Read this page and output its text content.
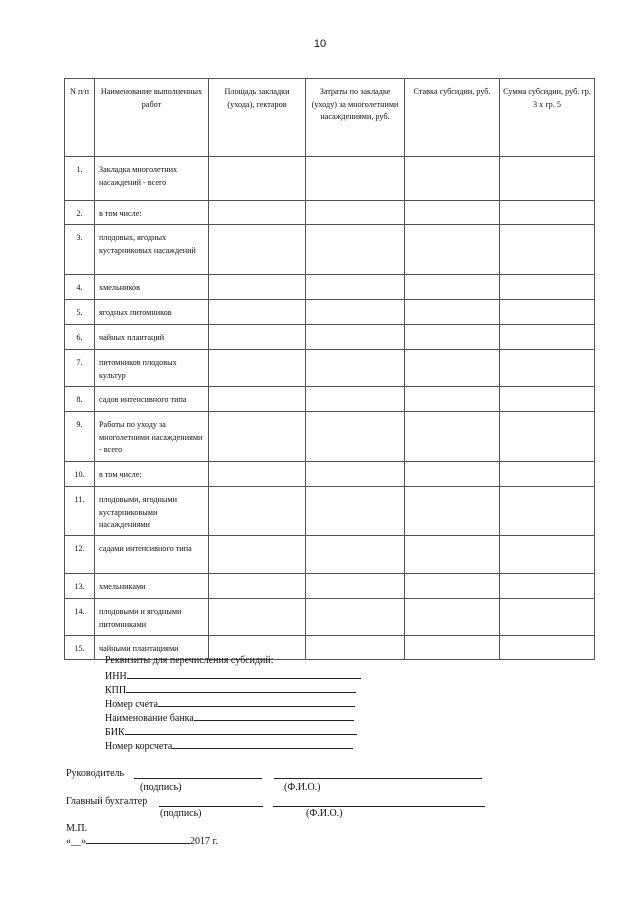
10
N п/п	Наименование выполненных работ	Площадь закладки (ухода), гектаров	Затраты по закладке (уходу) за многолетними насаждениями, руб.	Ставка субсидии, руб.	Сумма субсидии, руб. гр. 3 х гр. 5
1.	Закладка многолетних насаждений - всего				
2.	в том числе:				
3.	плодовых, ягодных кустарниковых насаждений				
4.	хмельников				
5.	ягодных питомников				
6.	чайных плантаций				
7.	питомников плодовых культур				
8.	садов интенсивного типа				
9.	Работы по уходу за многолетними насаждениями - всего				
10.	в том числе:				
11.	плодовыми, ягодными кустарниковыми насаждениями				
12.	садами интенсивного типа				
13.	хмельниками				
14.	плодовыми и ягодными питомниками				
15.	чайными плантациями				
Реквизиты для перечисления субсидий:
ИНН
КПП
Номер счета
Наименование банка
БИК
Номер корсчета
Руководитель
(подпись)	(Ф.И.О.)
Главный бухгалтер
(подпись)	(Ф.И.О.)
М.П.
«__»	2017 г.
